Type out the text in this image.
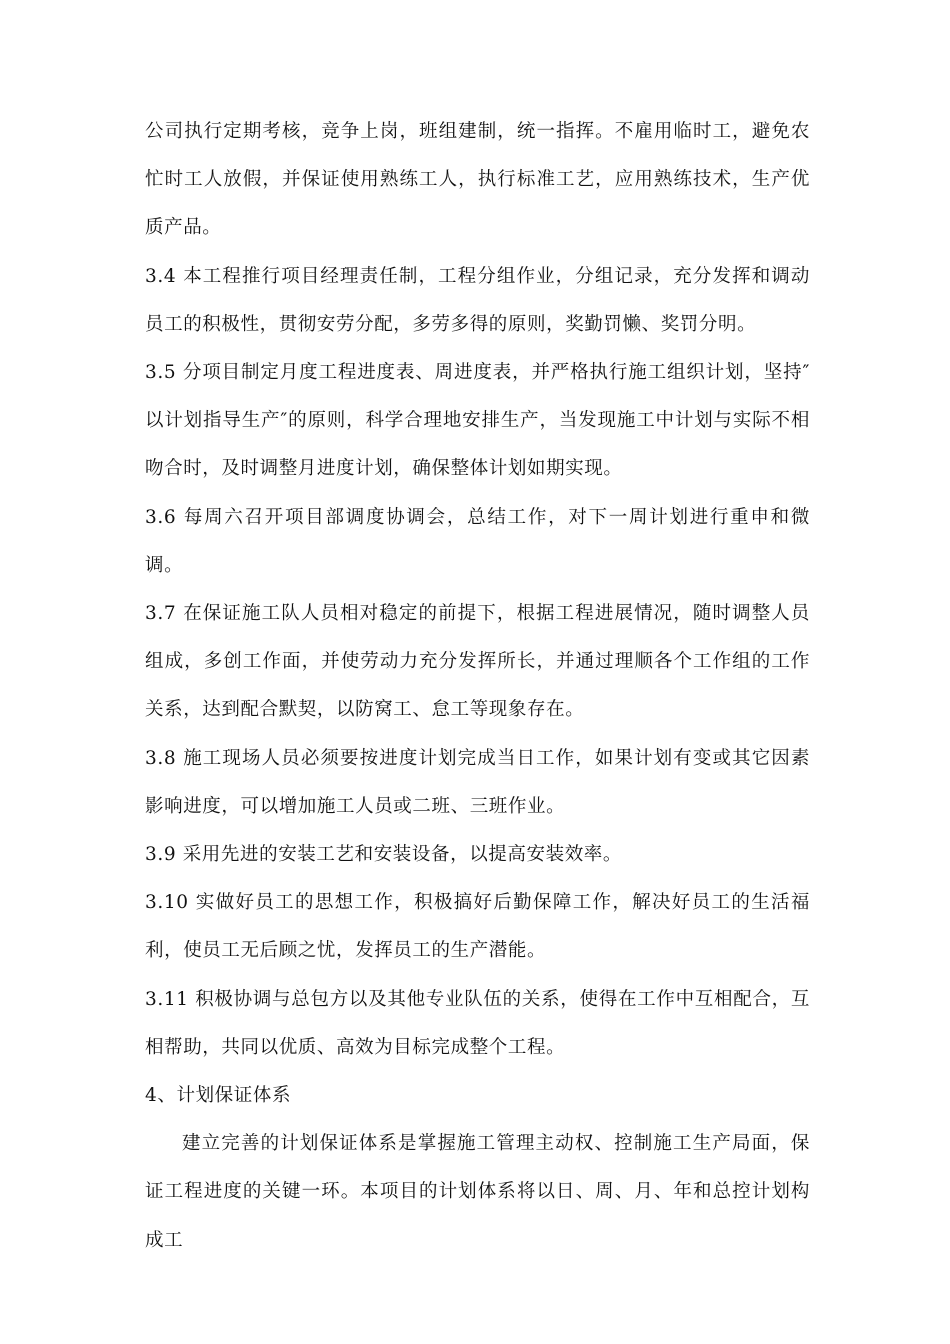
公司执行定期考核，竞争上岗，班组建制，统一指挥。不雇用临时工，避免农忙时工人放假，并保证使用熟练工人，执行标准工艺，应用熟练技术，生产优质产品。

3.4 本工程推行项目经理责任制，工程分组作业，分组记录，充分发挥和调动员工的积极性，贯彻安劳分配，多劳多得的原则，奖勤罚懒、奖罚分明。

3.5 分项目制定月度工程进度表、周进度表，并严格执行施工组织计划，坚持″以计划指导生产″的原则，科学合理地安排生产，当发现施工中计划与实际不相吻合时，及时调整月进度计划，确保整体计划如期实现。

3.6 每周六召开项目部调度协调会，总结工作，对下一周计划进行重申和微调。

3.7 在保证施工队人员相对稳定的前提下，根据工程进展情况，随时调整人员组成，多创工作面，并使劳动力充分发挥所长，并通过理顺各个工作组的工作关系，达到配合默契，以防窝工、怠工等现象存在。

3.8 施工现场人员必须要按进度计划完成当日工作，如果计划有变或其它因素影响进度，可以增加施工人员或二班、三班作业。

3.9 采用先进的安装工艺和安装设备，以提高安装效率。

3.10 实做好员工的思想工作，积极搞好后勤保障工作，解决好员工的生活福利，使员工无后顾之忧，发挥员工的生产潜能。

3.11 积极协调与总包方以及其他专业队伍的关系，使得在工作中互相配合，互相帮助，共同以优质、高效为目标完成整个工程。

4、计划保证体系

建立完善的计划保证体系是掌握施工管理主动权、控制施工生产局面，保证工程进度的关键一环。本项目的计划体系将以日、周、月、年和总控计划构成工
